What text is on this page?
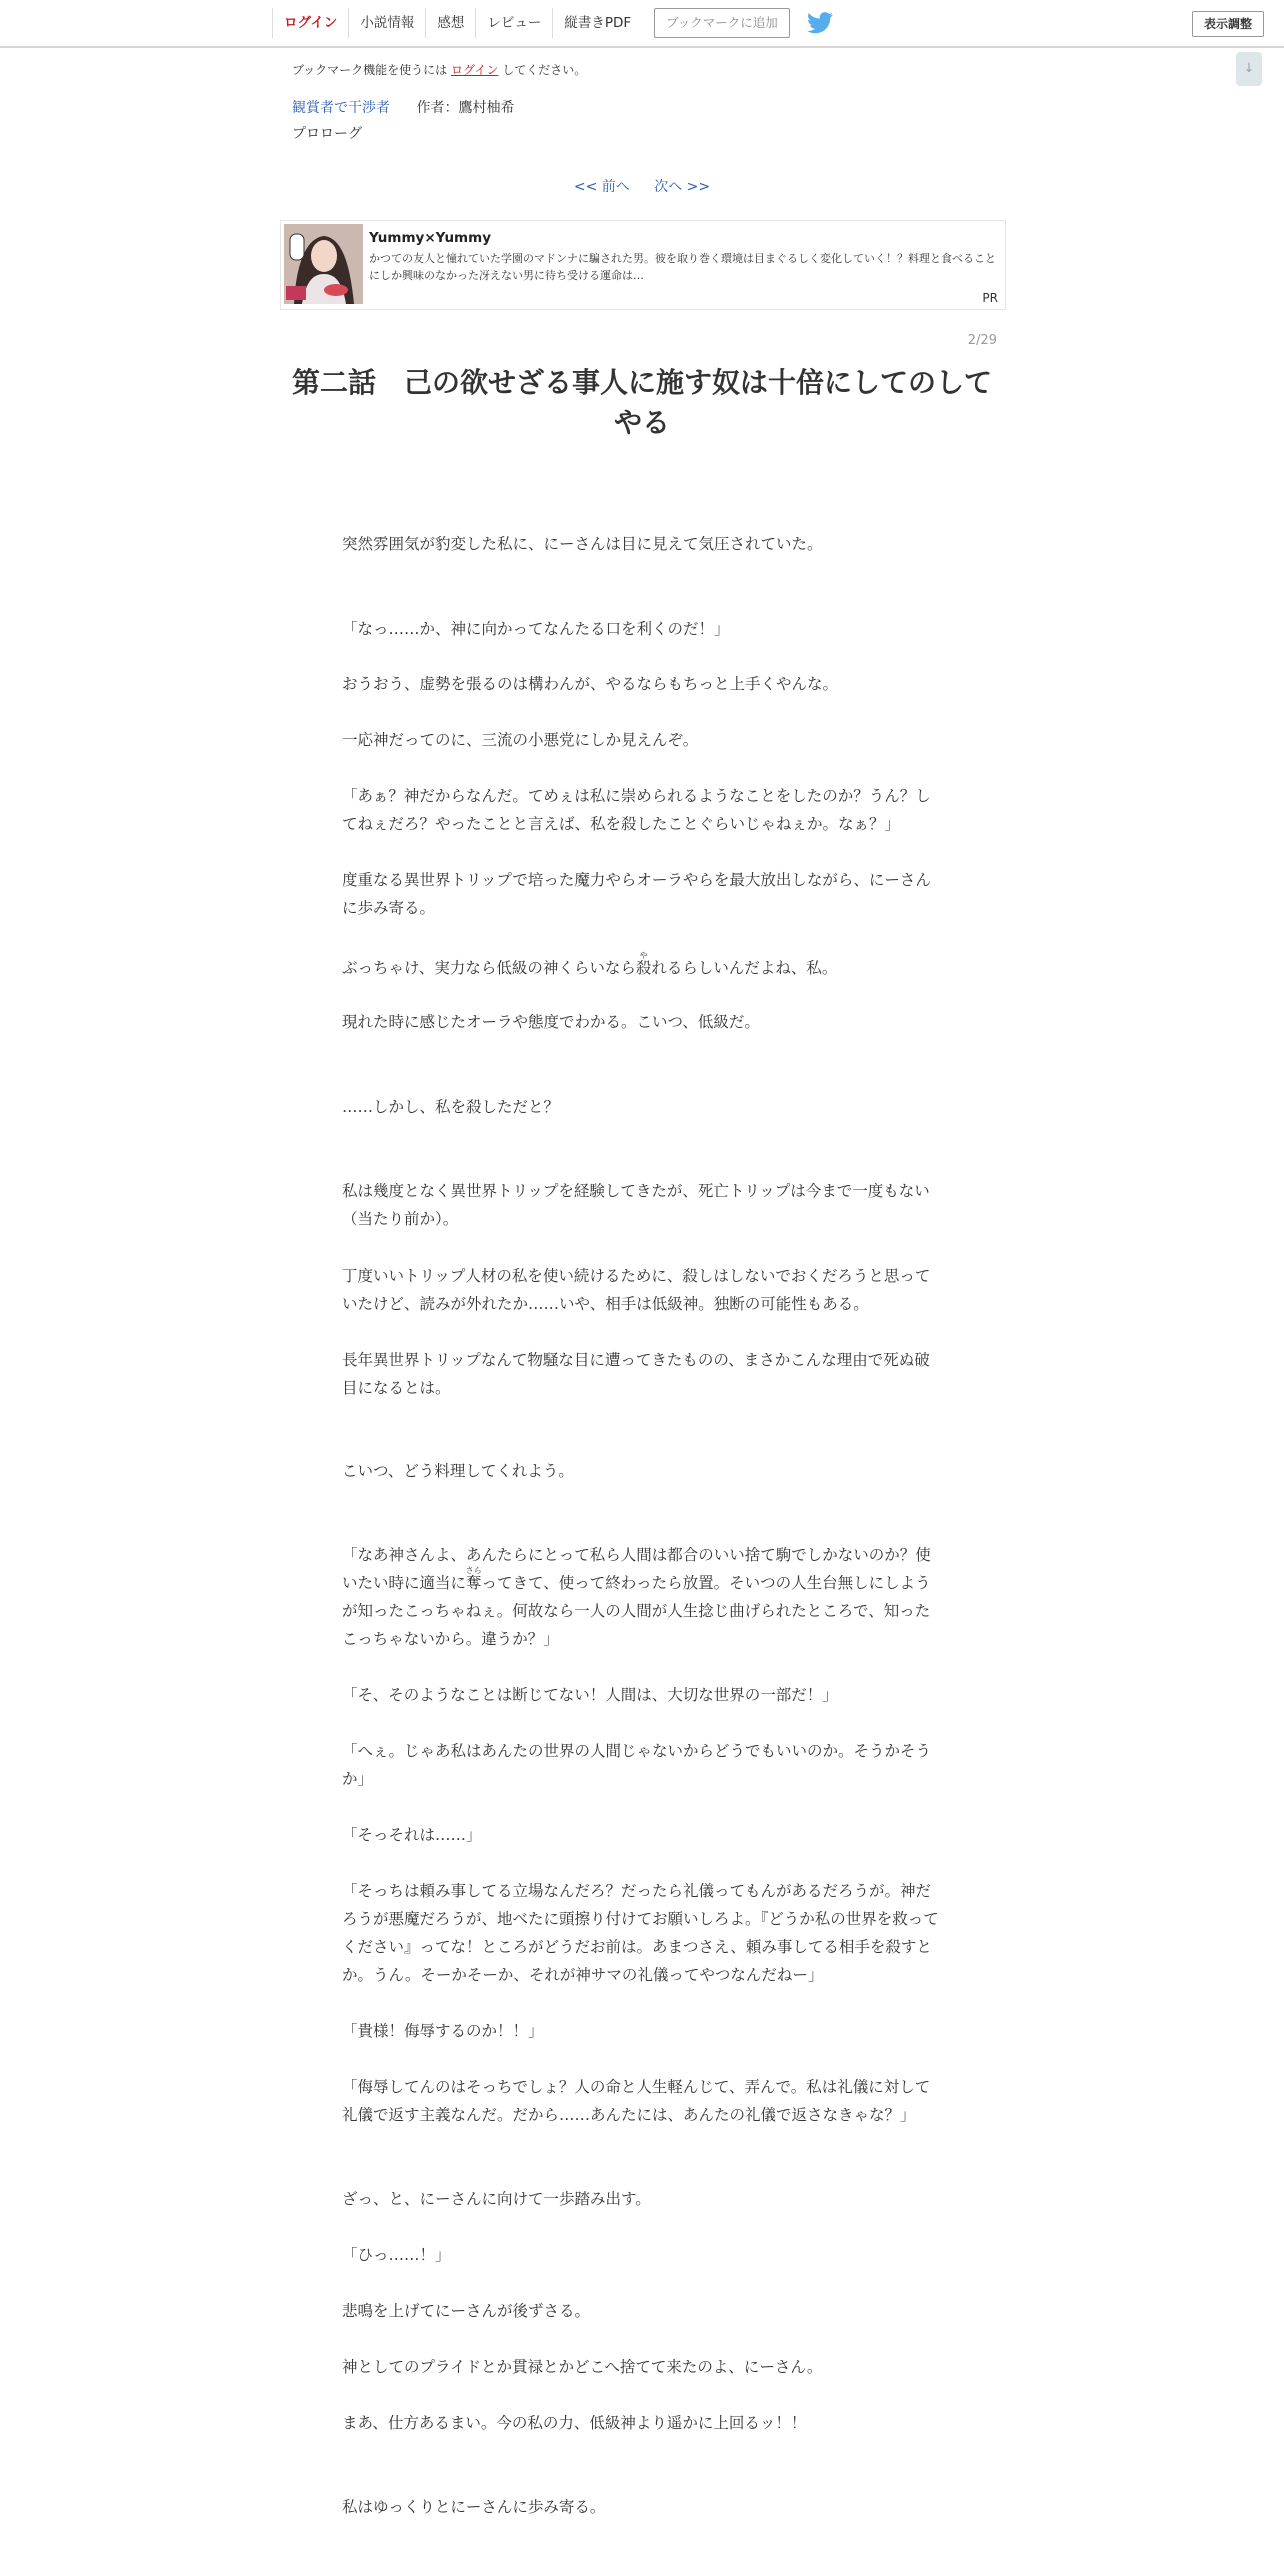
ログイン	小説情報	感想	レビュー	縦書きPDF	ブックマークに追加	表示調整
↓
ブックマーク機能を使うには ログイン してください。
観賞者で干渉者 作者：鷹村柚希
プロローグ
<< 前へ 次へ >>
Yummy×Yummy
かつての友人と憧れていた学園のマドンナに騙された男。彼を取り巻く環境は目まぐるしく変化していく！？料理と食べることにしか興味のなかった冴えない男に待ち受ける運命は…
PR
2/29
第二話　己の欲せざる事人に施す奴は十倍にしてのしてやる

突然雰囲気が豹変した私に、にーさんは目に見えて気圧されていた。

「なっ……か、神に向かってなんたる口を利くのだ！」

おうおう、虚勢を張るのは構わんが、やるならもちっと上手くやんな。

一応神だってのに、三流の小悪党にしか見えんぞ。

「あぁ？神だからなんだ。てめぇは私に崇められるようなことをしたのか？うん？してねぇだろ？やったことと言えば、私を殺したことぐらいじゃねぇか。なぁ？」

度重なる異世界トリップで培った魔力やらオーラやらを最大放出しながら、にーさんに歩み寄る。

ぶっちゃけ、実力なら低級の神くらいなら殺やれるらしいんだよね、私。

現れた時に感じたオーラや態度でわかる。こいつ、低級だ。

……しかし、私を殺しただと？

私は幾度となく異世界トリップを経験してきたが、死亡トリップは今まで一度もない（当たり前か）。

丁度いいトリップ人材の私を使い続けるために、殺しはしないでおくだろうと思っていたけど、読みが外れたか……いや、相手は低級神。独断の可能性もある。

長年異世界トリップなんて物騒な目に遭ってきたものの、まさかこんな理由で死ぬ破目になるとは。

こいつ、どう料理してくれよう。

「なあ神さんよ、あんたらにとって私ら人間は都合のいい捨て駒でしかないのか？使いたい時に適当に奪さらってきて、使って終わったら放置。そいつの人生台無しにしようが知ったこっちゃねぇ。何故なら一人の人間が人生捻じ曲げられたところで、知ったこっちゃないから。違うか？」

「そ、そのようなことは断じてない！人間は、大切な世界の一部だ！」

「へぇ。じゃあ私はあんたの世界の人間じゃないからどうでもいいのか。そうかそうか」

「そっそれは……」

「そっちは頼み事してる立場なんだろ？だったら礼儀ってもんがあるだろうが。神だろうが悪魔だろうが、地べたに頭擦り付けてお願いしろよ。『どうか私の世界を救ってください』ってな！ところがどうだお前は。あまつさえ、頼み事してる相手を殺すとか。うん。そーかそーか、それが神サマの礼儀ってやつなんだねー」

「貴様！侮辱するのか！！」

「侮辱してんのはそっちでしょ？人の命と人生軽んじて、弄んで。私は礼儀に対して礼儀で返す主義なんだ。だから……あんたには、あんたの礼儀で返さなきゃな？」

ざっ、と、にーさんに向けて一歩踏み出す。

「ひっ……！」

悲鳴を上げてにーさんが後ずさる。

神としてのプライドとか貫禄とかどこへ捨てて来たのよ、にーさん。

まあ、仕方あるまい。今の私の力、低級神より遥かに上回るッ！！

私はゆっくりとにーさんに歩み寄る。
